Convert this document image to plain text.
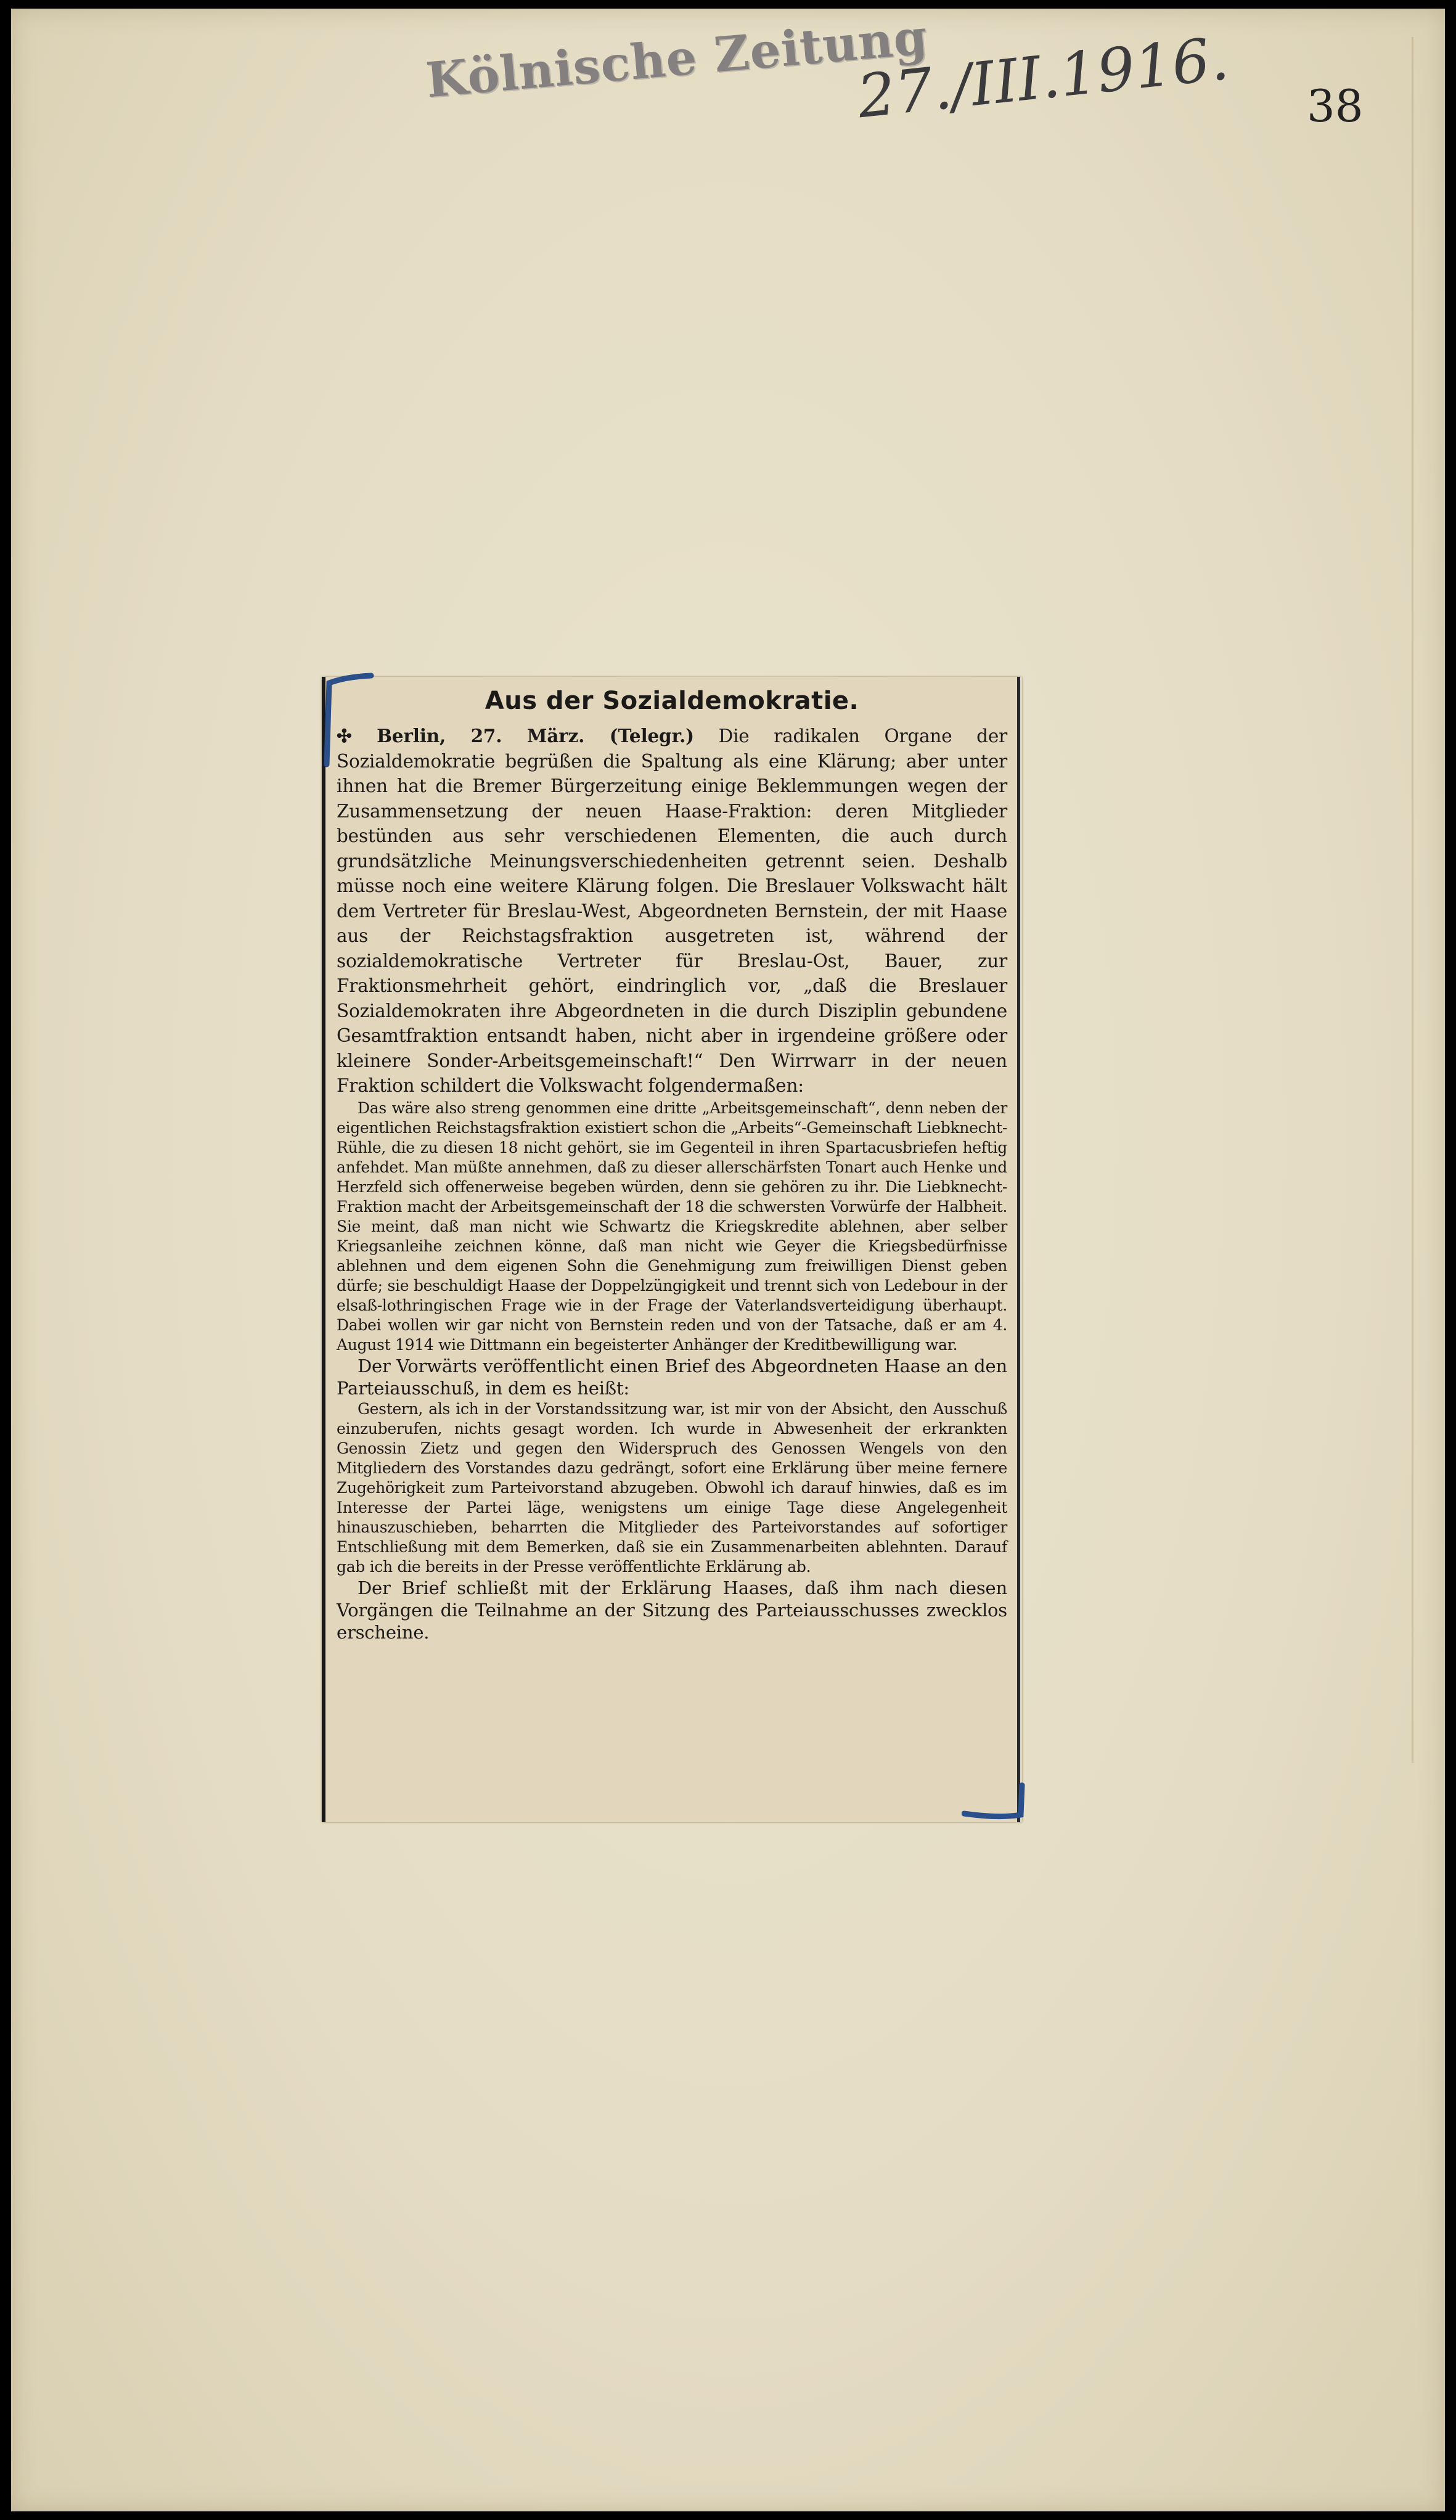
Kölnische Zeitung
27./III.1916. 38
Aus der Sozialdemokratie.

✣ Berlin, 27. März. (Telegr.) Die radikalen Organe der Sozialdemokratie begrüßen die Spaltung als eine Klärung; aber unter ihnen hat die Bremer Bürgerzeitung einige Beklemmungen wegen der Zusammensetzung der neuen Haase-Fraktion: deren Mitglieder bestünden aus sehr verschiedenen Elementen, die auch durch grundsätzliche Meinungsverschiedenheiten getrennt seien. Deshalb müsse noch eine weitere Klärung folgen. Die Breslauer Volkswacht hält dem Vertreter für Breslau-West, Abgeordneten Bernstein, der mit Haase aus der Reichstagsfraktion ausgetreten ist, während der sozialdemokratische Vertreter für Breslau-Ost, Bauer, zur Fraktionsmehrheit gehört, eindringlich vor, „daß die Breslauer Sozialdemokraten ihre Abgeordneten in die durch Disziplin gebundene Gesamtfraktion entsandt haben, nicht aber in irgendeine größere oder kleinere Sonder-Arbeitsgemeinschaft!“ Den Wirrwarr in der neuen Fraktion schildert die Volkswacht folgendermaßen:

Das wäre also streng genommen eine dritte „Arbeitsgemeinschaft“, denn neben der eigentlichen Reichstagsfraktion existiert schon die „Arbeits“-Gemeinschaft Liebknecht-Rühle, die zu diesen 18 nicht gehört, sie im Gegenteil in ihren Spartacusbriefen heftig anfehdet. Man müßte annehmen, daß zu dieser allerschärfsten Tonart auch Henke und Herzfeld sich offenerweise begeben würden, denn sie gehören zu ihr. Die Liebknecht-Fraktion macht der Arbeitsgemeinschaft der 18 die schwersten Vorwürfe der Halbheit. Sie meint, daß man nicht wie Schwartz die Kriegskredite ablehnen, aber selber Kriegsanleihe zeichnen könne, daß man nicht wie Geyer die Kriegsbedürfnisse ablehnen und dem eigenen Sohn die Genehmigung zum freiwilligen Dienst geben dürfe; sie beschuldigt Haase der Doppelzüngigkeit und trennt sich von Ledebour in der elsaß-lothringischen Frage wie in der Frage der Vaterlandsverteidigung überhaupt. Dabei wollen wir gar nicht von Bernstein reden und von der Tatsache, daß er am 4. August 1914 wie Dittmann ein begeisterter Anhänger der Kreditbewilligung war.

Der Vorwärts veröffentlicht einen Brief des Abgeordneten Haase an den Parteiausschuß, in dem es heißt:

Gestern, als ich in der Vorstandssitzung war, ist mir von der Absicht, den Ausschuß einzuberufen, nichts gesagt worden. Ich wurde in Abwesenheit der erkrankten Genossin Zietz und gegen den Widerspruch des Genossen Wengels von den Mitgliedern des Vorstandes dazu gedrängt, sofort eine Erklärung über meine fernere Zugehörigkeit zum Parteivorstand abzugeben. Obwohl ich darauf hinwies, daß es im Interesse der Partei läge, wenigstens um einige Tage diese Angelegenheit hinauszuschieben, beharrten die Mitglieder des Parteivorstandes auf sofortiger Entschließung mit dem Bemerken, daß sie ein Zusammenarbeiten ablehnten. Darauf gab ich die bereits in der Presse veröffentlichte Erklärung ab.

Der Brief schließt mit der Erklärung Haases, daß ihm nach diesen Vorgängen die Teilnahme an der Sitzung des Parteiausschusses zwecklos erscheine.
